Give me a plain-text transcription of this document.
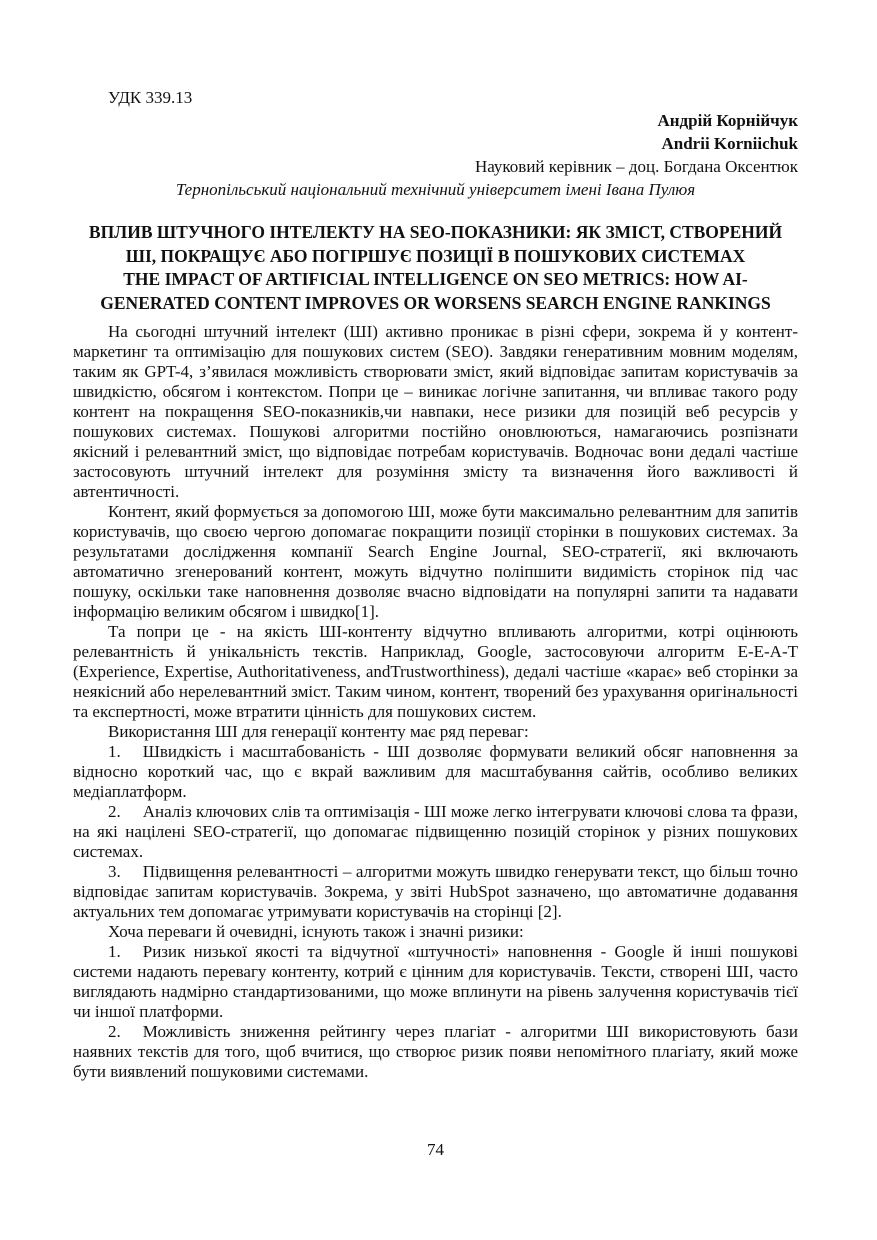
УДК 339.13

Андрій Корнійчук

Andrii Korniichuk

Науковий керівник – доц. Богдана Оксентюк

Тернопільський національний технічний університет імені Івана Пулюя

ВПЛИВ ШТУЧНОГО ІНТЕЛЕКТУ НА SEO-ПОКАЗНИКИ: ЯК ЗМІСТ, СТВОРЕНИЙ ШІ, ПОКРАЩУЄ АБО ПОГІРШУЄ ПОЗИЦІЇ В ПОШУКОВИХ СИСТЕМАХ
THE IMPACT OF ARTIFICIAL INTELLIGENCE ON SEO METRICS: HOW AI-GENERATED CONTENT IMPROVES OR WORSENS SEARCH ENGINE RANKINGS

На сьогодні штучний інтелект (ШІ) активно проникає в різні сфери, зокрема й у контент-маркетинг та оптимізацію для пошукових систем (SEO). Завдяки генеративним мовним моделям, таким як GPT-4, з’явилася можливість створювати зміст, який відповідає запитам користувачів за швидкістю, обсягом і контекстом. Попри це – виникає логічне запитання, чи впливає такого роду контент на покращення SEO-показників,чи навпаки, несе ризики для позицій веб ресурсів у пошукових системах. Пошукові алгоритми постійно оновлюються, намагаючись розпізнати якісний і релевантний зміст, що відповідає потребам користувачів. Водночас вони дедалі частіше застосовують штучний інтелект для розуміння змісту та визначення його важливості й автентичності.

Контент, який формується за допомогою ШІ, може бути максимально релевантним для запитів користувачів, що своєю чергою допомагає покращити позиції сторінки в пошукових системах. За результатами дослідження компанії Search Engine Journal, SEO-стратегії, які включають автоматично згенерований контент, можуть відчутно поліпшити видимість сторінок під час пошуку, оскільки таке наповнення дозволяє вчасно відповідати на популярні запити та надавати інформацію великим обсягом і швидко[1].

Та попри це - на якість ШІ-контенту відчутно впливають алгоритми, котрі оцінюють релевантність й унікальність текстів. Наприклад, Google, застосовуючи алгоритм E-E-A-T (Experience, Expertise, Authoritativeness, andTrustworthiness), дедалі частіше «карає» веб сторінки за неякісний або нерелевантний зміст. Таким чином, контент, творений без урахування оригінальності та експертності, може втратити цінність для пошукових систем.

Використання ШІ для генерації контенту має ряд переваг:

1. Швидкість і масштабованість - ШІ дозволяє формувати великий обсяг наповнення за відносно короткий час, що є вкрай важливим для масштабування сайтів, особливо великих медіаплатформ.

2. Аналіз ключових слів та оптимізація - ШІ може легко інтегрувати ключові слова та фрази, на які націлені SEO-стратегії, що допомагає підвищенню позицій сторінок у різних пошукових системах.

3. Підвищення релевантності – алгоритми можуть швидко генерувати текст, що більш точно відповідає запитам користувачів. Зокрема, у звіті HubSpot зазначено, що автоматичне додавання актуальних тем допомагає утримувати користувачів на сторінці [2].

Хоча переваги й очевидні, існують також і значні ризики:

1. Ризик низької якості та відчутної «штучності» наповнення - Google й інші пошукові системи надають перевагу контенту, котрий є цінним для користувачів. Тексти, створені ШІ, часто виглядають надмірно стандартизованими, що може вплинути на рівень залучення користувачів тієї чи іншої платформи.

2. Можливість зниження рейтингу через плагіат - алгоритми ШІ використовують бази наявних текстів для того, щоб вчитися, що створює ризик появи непомітного плагіату, який може бути виявлений пошуковими системами.

74
